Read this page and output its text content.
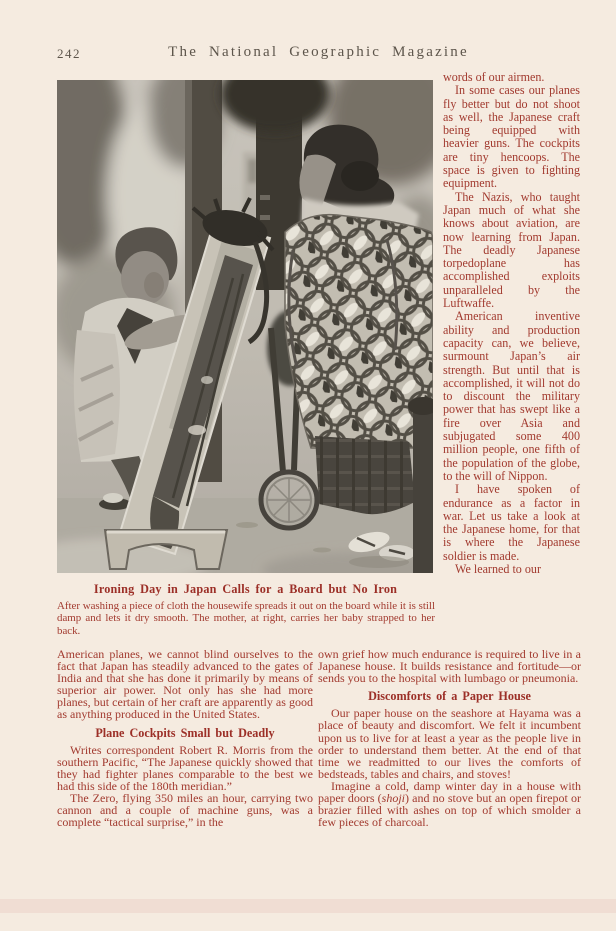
242	The National Geographic Magazine

words of our airmen.

In some cases our planes fly better but do not shoot as well, the Japanese craft being equipped with heavier guns. The cockpits are tiny hencoops. The space is given to fighting equipment.

The Nazis, who taught Japan much of what she knows about aviation, are now learning from Japan. The deadly Japanese torpedoplane has accomplished exploits unparalleled by the Luftwaffe.

American inventive ability and production capacity can, we believe, surmount Japan’s air strength. But until that is accomplished, it will not do to discount the military power that has swept like a fire over Asia and subjugated some 400 million people, one fifth of the population of the globe, to the will of Nippon.

I have spoken of endurance as a factor in war. Let us take a look at the Japanese home, for that is where the Japanese soldier is made.

We learned to our

Ironing Day in Japan Calls for a Board but No Iron

After washing a piece of cloth the housewife spreads it out on the board while it is still damp and lets it dry smooth. The mother, at right, carries her baby strapped to her back.

American planes, we cannot blind ourselves to the fact that Japan has steadily advanced to the gates of India and that she has done it primarily by means of superior air power. Not only has she had more planes, but certain of her craft are apparently as good as anything produced in the United States.

Plane Cockpits Small but Deadly

Writes correspondent Robert R. Morris from the southern Pacific, “The Japanese quickly showed that they had fighter planes comparable to the best we had this side of the 180th meridian.”

The Zero, flying 350 miles an hour, carrying two cannon and a couple of machine guns, was a complete “tactical surprise,” in the

own grief how much endurance is required to live in a Japanese house. It builds resistance and fortitude—or sends you to the hospital with lumbago or pneumonia.

Discomforts of a Paper House

Our paper house on the seashore at Hayama was a place of beauty and discomfort. We felt it incumbent upon us to live for at least a year as the people live in order to understand them better. At the end of that time we readmitted to our lives the comforts of bedsteads, tables and chairs, and stoves!

Imagine a cold, damp winter day in a house with paper doors (shoji) and no stove but an open firepot or brazier filled with ashes on top of which smolder a few pieces of charcoal.
